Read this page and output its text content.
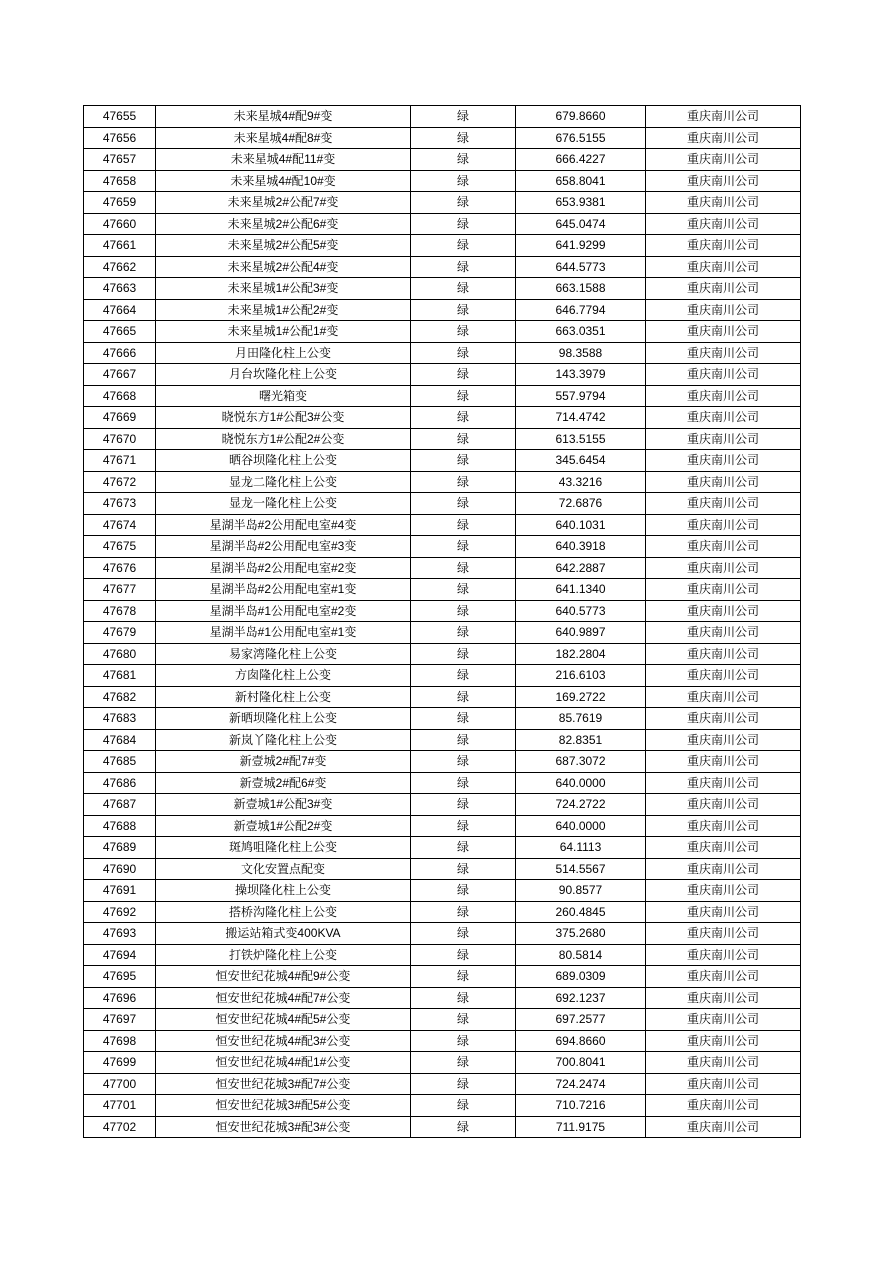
47655	未来星城4#配9#变	绿	679.8660	重庆南川公司
47656	未来星城4#配8#变	绿	676.5155	重庆南川公司
47657	未来星城4#配11#变	绿	666.4227	重庆南川公司
47658	未来星城4#配10#变	绿	658.8041	重庆南川公司
47659	未来星城2#公配7#变	绿	653.9381	重庆南川公司
47660	未来星城2#公配6#变	绿	645.0474	重庆南川公司
47661	未来星城2#公配5#变	绿	641.9299	重庆南川公司
47662	未来星城2#公配4#变	绿	644.5773	重庆南川公司
47663	未来星城1#公配3#变	绿	663.1588	重庆南川公司
47664	未来星城1#公配2#变	绿	646.7794	重庆南川公司
47665	未来星城1#公配1#变	绿	663.0351	重庆南川公司
47666	月田隆化柱上公变	绿	98.3588	重庆南川公司
47667	月台坎隆化柱上公变	绿	143.3979	重庆南川公司
47668	曙光箱变	绿	557.9794	重庆南川公司
47669	晓悦东方1#公配3#公变	绿	714.4742	重庆南川公司
47670	晓悦东方1#公配2#公变	绿	613.5155	重庆南川公司
47671	晒谷坝隆化柱上公变	绿	345.6454	重庆南川公司
47672	显龙二隆化柱上公变	绿	43.3216	重庆南川公司
47673	显龙一隆化柱上公变	绿	72.6876	重庆南川公司
47674	星湖半岛#2公用配电室#4变	绿	640.1031	重庆南川公司
47675	星湖半岛#2公用配电室#3变	绿	640.3918	重庆南川公司
47676	星湖半岛#2公用配电室#2变	绿	642.2887	重庆南川公司
47677	星湖半岛#2公用配电室#1变	绿	641.1340	重庆南川公司
47678	星湖半岛#1公用配电室#2变	绿	640.5773	重庆南川公司
47679	星湖半岛#1公用配电室#1变	绿	640.9897	重庆南川公司
47680	易家湾隆化柱上公变	绿	182.2804	重庆南川公司
47681	方囱隆化柱上公变	绿	216.6103	重庆南川公司
47682	新村隆化柱上公变	绿	169.2722	重庆南川公司
47683	新晒坝隆化柱上公变	绿	85.7619	重庆南川公司
47684	新岚丫隆化柱上公变	绿	82.8351	重庆南川公司
47685	新壹城2#配7#变	绿	687.3072	重庆南川公司
47686	新壹城2#配6#变	绿	640.0000	重庆南川公司
47687	新壹城1#公配3#变	绿	724.2722	重庆南川公司
47688	新壹城1#公配2#变	绿	640.0000	重庆南川公司
47689	斑鸠咀隆化柱上公变	绿	64.1113	重庆南川公司
47690	文化安置点配变	绿	514.5567	重庆南川公司
47691	操坝隆化柱上公变	绿	90.8577	重庆南川公司
47692	搭桥沟隆化柱上公变	绿	260.4845	重庆南川公司
47693	搬运站箱式变400KVA	绿	375.2680	重庆南川公司
47694	打铁炉隆化柱上公变	绿	80.5814	重庆南川公司
47695	恒安世纪花城4#配9#公变	绿	689.0309	重庆南川公司
47696	恒安世纪花城4#配7#公变	绿	692.1237	重庆南川公司
47697	恒安世纪花城4#配5#公变	绿	697.2577	重庆南川公司
47698	恒安世纪花城4#配3#公变	绿	694.8660	重庆南川公司
47699	恒安世纪花城4#配1#公变	绿	700.8041	重庆南川公司
47700	恒安世纪花城3#配7#公变	绿	724.2474	重庆南川公司
47701	恒安世纪花城3#配5#公变	绿	710.7216	重庆南川公司
47702	恒安世纪花城3#配3#公变	绿	711.9175	重庆南川公司
